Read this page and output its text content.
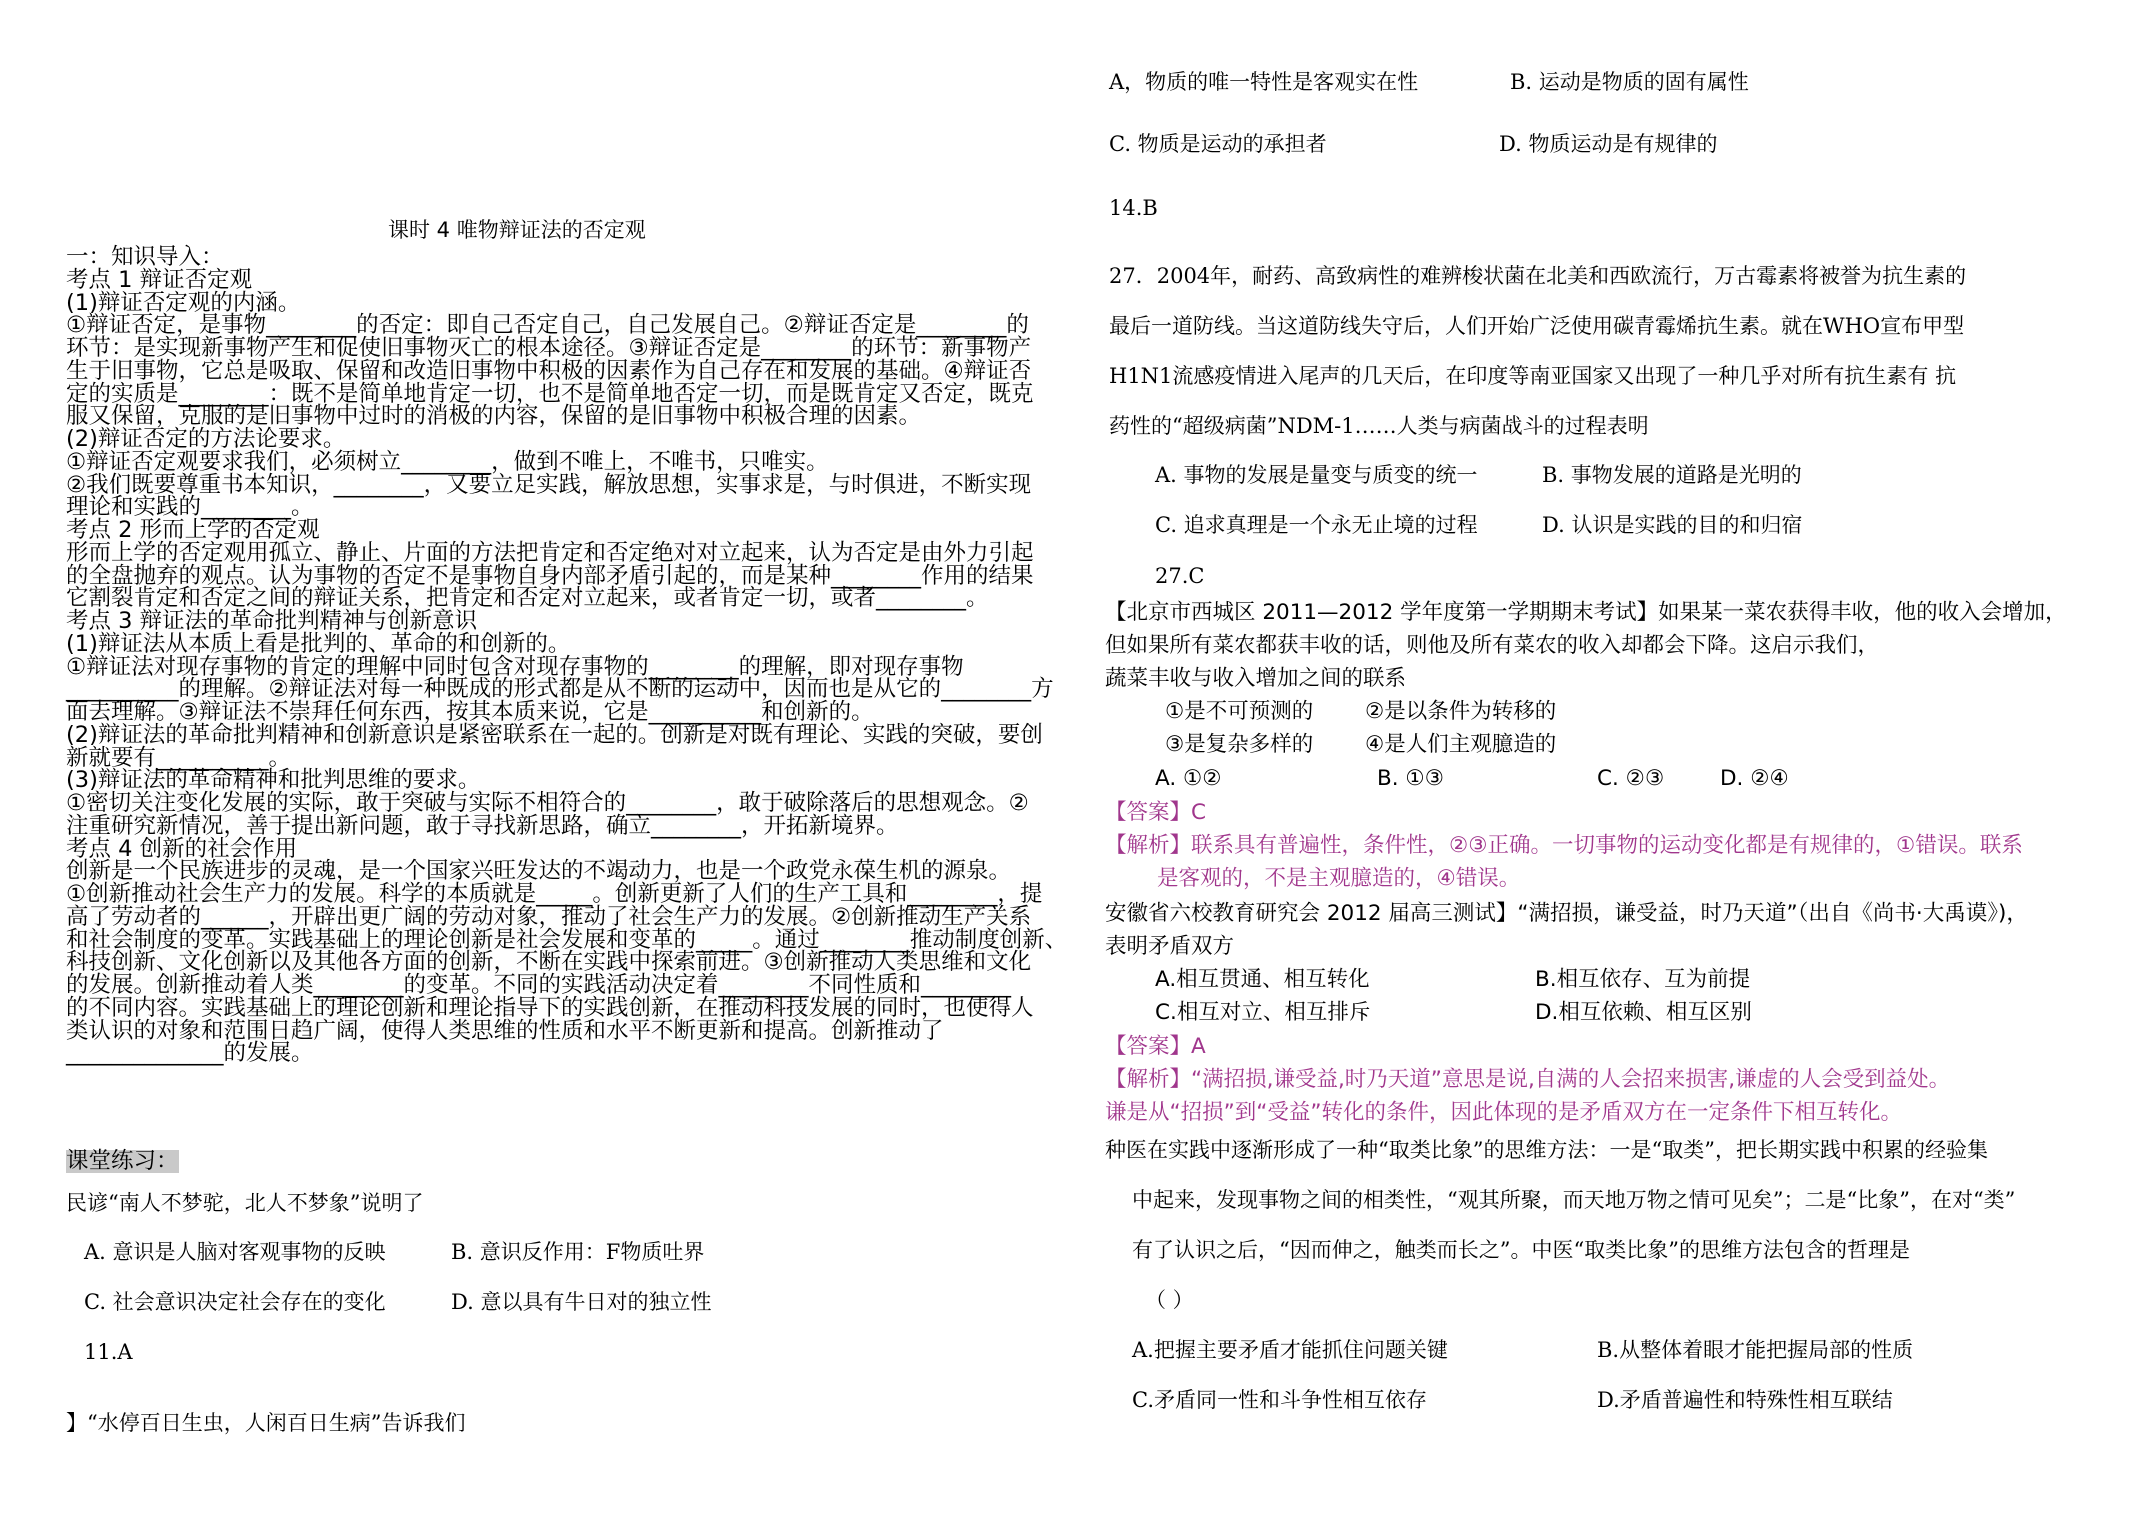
课时 4 唯物辩证法的否定观
一：知识导入：
考点 1 辩证否定观
(1)辩证否定观的内涵。
①辩证否定，是事物________的否定：即自己否定自己，自己发展自己。②辩证否定是________的
环节：是实现新事物产生和促使旧事物灭亡的根本途径。③辩证否定是________的环节：新事物产
生于旧事物，它总是吸取、保留和改造旧事物中积极的因素作为自己存在和发展的基础。④辩证否
定的实质是________：既不是简单地肯定一切，也不是简单地否定一切，而是既肯定又否定，既克
服又保留，克服的是旧事物中过时的消极的内容，保留的是旧事物中积极合理的因素。
(2)辩证否定的方法论要求。
①辩证否定观要求我们，必须树立________，做到不唯上，不唯书，只唯实。
②我们既要尊重书本知识，________，又要立足实践，解放思想，实事求是，与时俱进，不断实现
理论和实践的________。
考点 2 形而上学的否定观
形而上学的否定观用孤立、静止、片面的方法把肯定和否定绝对对立起来，认为否定是由外力引起
的全盘抛弃的观点。认为事物的否定不是事物自身内部矛盾引起的，而是某种________作用的结果
它割裂肯定和否定之间的辩证关系，把肯定和否定对立起来，或者肯定一切，或者________。
考点 3 辩证法的革命批判精神与创新意识
(1)辩证法从本质上看是批判的、革命的和创新的。
①辩证法对现存事物的肯定的理解中同时包含对现存事物的________的理解，即对现存事物
__________的理解。②辩证法对每一种既成的形式都是从不断的运动中，因而也是从它的________方
面去理解。③辩证法不崇拜任何东西，按其本质来说，它是__________和创新的。
(2)辩证法的革命批判精神和创新意识是紧密联系在一起的。创新是对既有理论、实践的突破，要创
新就要有__________。
(3)辩证法的革命精神和批判思维的要求。
①密切关注变化发展的实际，敢于突破与实际不相符合的________，敢于破除落后的思想观念。②
注重研究新情况，善于提出新问题，敢于寻找新思路，确立________，开拓新境界。
考点 4 创新的社会作用
创新是一个民族进步的灵魂，是一个国家兴旺发达的不竭动力，也是一个政党永葆生机的源泉。
①创新推动社会生产力的发展。科学的本质就是_____。创新更新了人们的生产工具和________，提
高了劳动者的______，开辟出更广阔的劳动对象，推动了社会生产力的发展。②创新推动生产关系
和社会制度的变革。实践基础上的理论创新是社会发展和变革的_____。通过________推动制度创新、
科技创新、文化创新以及其他各方面的创新，不断在实践中探索前进。③创新推动人类思维和文化
的发展。创新推动着人类________的变革。不同的实践活动决定着________不同性质和________
的不同内容。实践基础上的理论创新和理论指导下的实践创新，在推动科技发展的同时，也使得人
类认识的对象和范围日趋广阔，使得人类思维的性质和水平不断更新和提高。创新推动了
______________的发展。
课堂练习：
民谚“南人不梦驼，北人不梦象”说明了
A. 意识是人脑对客观事物的反映	B. 意识反作用：F物质吐界
C. 社会意识决定社会存在的变化	D. 意以具有牛日对的独立性
11.A
】“水停百日生虫，人闲百日生病”告诉我们
A，物质的唯一特性是客观实在性	B. 运动是物质的固有属性
C. 物质是运动的承担者	D. 物质运动是有规律的
14.B
27．2004年，耐药、高致病性的难辨梭状菌在北美和西欧流行，万古霉素将被誉为抗生素的
最后一道防线。当这道防线失守后，人们开始广泛使用碳青霉烯抗生素。就在WHO宣布甲型
H1N1流感疫情进入尾声的几天后，在印度等南亚国家又出现了一种几乎对所有抗生素有 抗
药性的“超级病菌”NDM-1……人类与病菌战斗的过程表明
A. 事物的发展是量变与质变的统一	B. 事物发展的道路是光明的
C. 追求真理是一个永无止境的过程	D. 认识是实践的目的和归宿
27.C
【北京市西城区 2011—2012 学年度第一学期期末考试】如果某一菜农获得丰收，他的收入会增加，
但如果所有菜农都获丰收的话，则他及所有菜农的收入却都会下降。这启示我们，
蔬菜丰收与收入增加之间的联系
①是不可预测的 ②是以条件为转移的
③是复杂多样的 ④是人们主观臆造的
A. ①②	B. ①③	C. ②③	D. ②④
【答案】C
【解析】联系具有普遍性，条件性，②③正确。一切事物的运动变化都是有规律的，①错误。联系
是客观的，不是主观臆造的，④错误。
安徽省六校教育研究会 2012 届高三测试】“满招损，谦受益，时乃天道”（出自《尚书·大禹谟》)，
表明矛盾双方
A.相互贯通、相互转化	B.相互依存、互为前提
C.相互对立、相互排斥	D.相互依赖、相互区别
【答案】A
【解析】“满招损,谦受益,时乃天道”意思是说,自满的人会招来损害,谦虚的人会受到益处。
谦是从“招损”到“受益”转化的条件，因此体现的是矛盾双方在一定条件下相互转化。
种医在实践中逐渐形成了一种“取类比象”的思维方法：一是“取类”，把长期实践中积累的经验集
中起来，发现事物之间的相类性，“观其所聚，而天地万物之情可见矣”；二是“比象”，在对“类”
有了认识之后，“因而伸之，触类而长之”。中医“取类比象”的思维方法包含的哲理是
（ ）
A.把握主要矛盾才能抓住问题关键	B.从整体着眼才能把握局部的性质
C.矛盾同一性和斗争性相互依存	D.矛盾普遍性和特殊性相互联结
